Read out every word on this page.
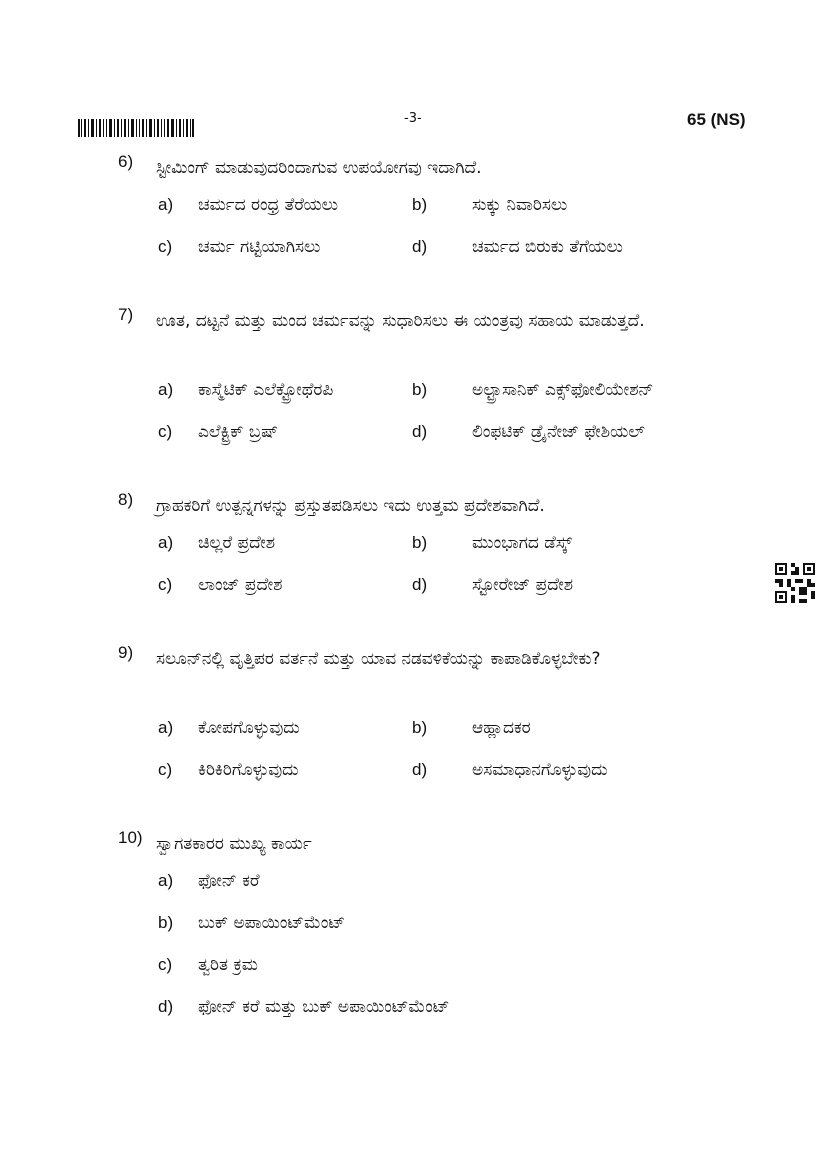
-3-	65 (NS)
6) ಸ್ಟೀಮಿಂಗ್ ಮಾಡುವುದರಿಂದಾಗುವ ಉಪಯೋಗವು ಇದಾಗಿದೆ.
a) ಚರ್ಮದ ರಂಧ್ರ ತೆರೆಯಲು	b)	ಸುಕ್ಕು ನಿವಾರಿಸಲು
c) ಚರ್ಮ ಗಟ್ಟಿಯಾಗಿಸಲು	d)	ಚರ್ಮದ ಬಿರುಕು ತೆಗೆಯಲು
7) ಊತ, ದಟ್ಟನೆ ಮತ್ತು ಮಂದ ಚರ್ಮವನ್ನು ಸುಧಾರಿಸಲು ಈ ಯಂತ್ರವು ಸಹಾಯ ಮಾಡುತ್ತದೆ.
a) ಕಾಸ್ಮೆಟಿಕ್ ಎಲೆಕ್ಟ್ರೋಥೆರಪಿ	b)	ಅಲ್ಟ್ರಾಸಾನಿಕ್ ಎಕ್ಸ್‌ಫೋಲಿಯೇಶನ್
c) ಎಲೆಕ್ಟ್ರಿಕ್ ಬ್ರಷ್	d)	ಲಿಂಫಟಿಕ್ ಡ್ರೈನೇಜ್ ಫೇಶಿಯಲ್
8) ಗ್ರಾಹಕರಿಗೆ ಉತ್ಪನ್ನಗಳನ್ನು ಪ್ರಸ್ತುತಪಡಿಸಲು ಇದು ಉತ್ತಮ ಪ್ರದೇಶವಾಗಿದೆ.
a) ಚಿಲ್ಲರೆ ಪ್ರದೇಶ	b)	ಮುಂಭಾಗದ ಡೆಸ್ಕ್
c) ಲಾಂಜ್ ಪ್ರದೇಶ	d)	ಸ್ಟೋರೇಜ್ ಪ್ರದೇಶ
9) ಸಲೂನ್‌ನಲ್ಲಿ ವೃತ್ತಿಪರ ವರ್ತನೆ ಮತ್ತು ಯಾವ ನಡವಳಿಕೆಯನ್ನು ಕಾಪಾಡಿಕೊಳ್ಳಬೇಕು?
a) ಕೋಪಗೊಳ್ಳುವುದು	b)	ಆಹ್ಲಾದಕರ
c) ಕಿರಿಕಿರಿಗೊಳ್ಳುವುದು	d)	ಅಸಮಾಧಾನಗೊಳ್ಳುವುದು
10) ಸ್ವಾಗತಕಾರರ ಮುಖ್ಯ ಕಾರ್ಯ
a) ಫೋನ್ ಕರೆ
b) ಬುಕ್ ಅಪಾಯಿಂಟ್‌ಮೆಂಟ್
c) ತ್ವರಿತ ಕ್ರಮ
d) ಫೋನ್ ಕರೆ ಮತ್ತು ಬುಕ್ ಅಪಾಯಿಂಟ್‌ಮೆಂಟ್
